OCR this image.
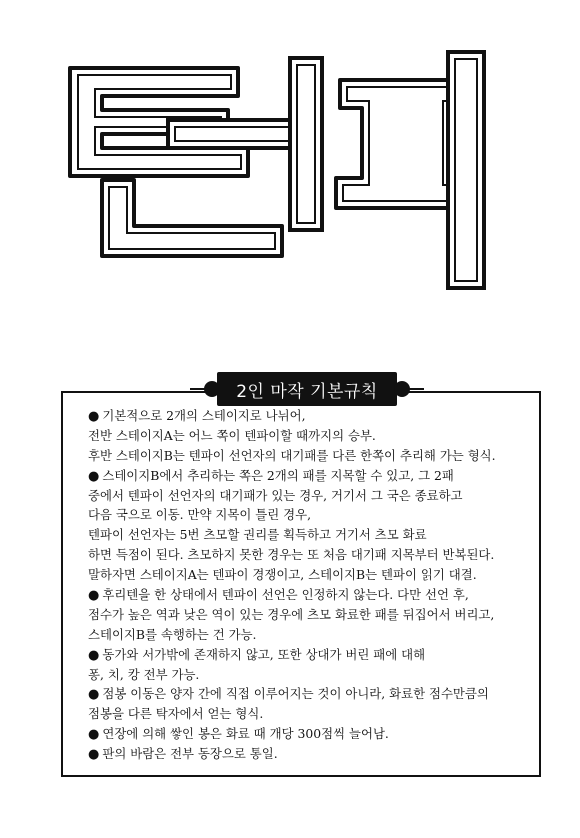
2인 마작 기본규칙
● 기본적으로 2개의 스테이지로 나뉘어,
전반 스테이지A는 어느 쪽이 텐파이할 때까지의 승부.
후반 스테이지B는 텐파이 선언자의 대기패를 다른 한쪽이 추리해 가는 형식.
● 스테이지B에서 추리하는 쪽은 2개의 패를 지목할 수 있고, 그 2패
중에서 텐파이 선언자의 대기패가 있는 경우, 거기서 그 국은 종료하고
다음 국으로 이동. 만약 지목이 틀린 경우,
텐파이 선언자는 5번 츠모할 권리를 획득하고 거기서 츠모 화료
하면 득점이 된다. 츠모하지 못한 경우는 또 처음 대기패 지목부터 반복된다.
말하자면 스테이지A는 텐파이 경쟁이고, 스테이지B는 텐파이 읽기 대결.
● 후리텐을 한 상태에서 텐파이 선언은 인정하지 않는다. 다만 선언 후,
점수가 높은 역과 낮은 역이 있는 경우에 츠모 화료한 패를 뒤집어서 버리고,
스테이지B를 속행하는 건 가능.
● 동가와 서가밖에 존재하지 않고, 또한 상대가 버린 패에 대해
퐁, 치, 캉 전부 가능.
● 점봉 이동은 양자 간에 직접 이루어지는 것이 아니라, 화료한 점수만큼의
점봉을 다른 탁자에서 얻는 형식.
● 연장에 의해 쌓인 봉은 화료 때 개당 300점씩 늘어남.
● 판의 바람은 전부 동장으로 통일.
